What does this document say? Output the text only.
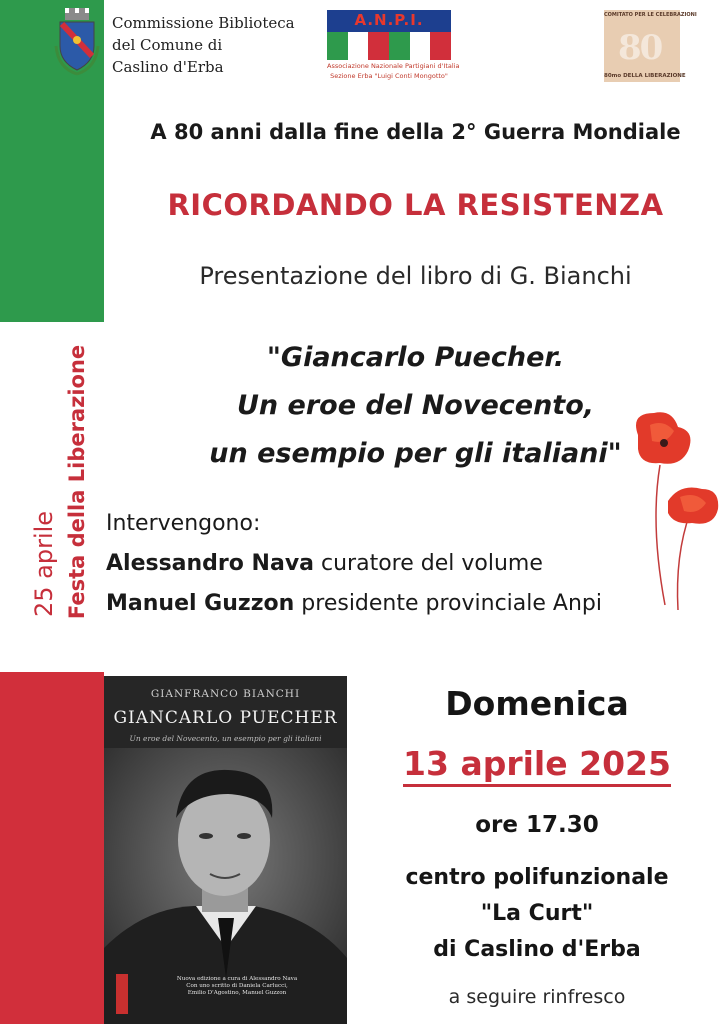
25 aprile Festa della Liberazione
Commissione Biblioteca
del Comune di
Caslino d'Erba
A.N.P.I.
Associazione Nazionale Partigiani d'Italia
Sezione Erba "Luigi Conti Mongotto"
COMITATO PER LE CELEBRAZIONI
80
80mo DELLA LIBERAZIONE
A 80 anni dalla fine della 2° Guerra Mondiale
RICORDANDO LA RESISTENZA
Presentazione del libro di G. Bianchi
"Giancarlo Puecher.
Un eroe del Novecento,
un esempio per gli italiani"
Intervengono:
Alessandro Nava curatore del volume
Manuel Guzzon presidente provinciale Anpi
GIANFRANCO BIANCHI
GIANCARLO PUECHER
Un eroe del Novecento, un esempio per gli italiani
Nuova edizione a cura di Alessandro Nava
Con uno scritto di Daniela Carlucci,
Emilio D'Agostino, Manuel Guzzon
Domenica
13 aprile 2025
ore 17.30
centro polifunzionale
"La Curt"
di Caslino d'Erba
a seguire rinfresco
